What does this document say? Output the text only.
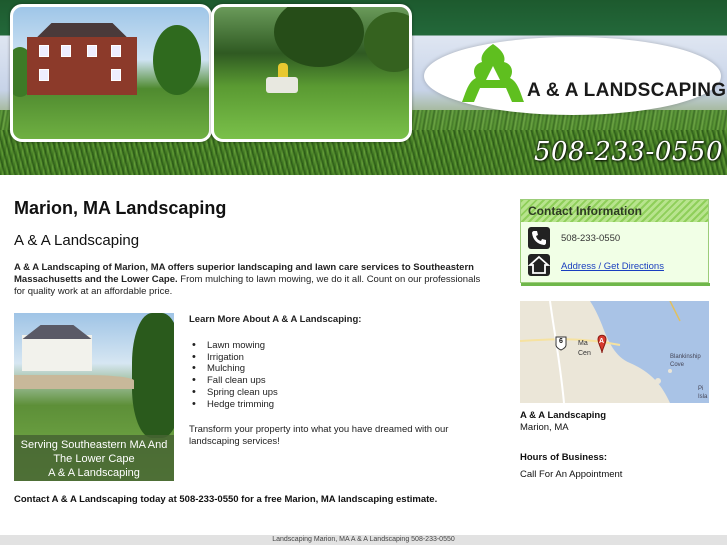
A & A LANDSCAPING
508-233-0550
Marion, MA Landscaping
A & A Landscaping

A & A Landscaping of Marion, MA offers superior landscaping and lawn care services to Southeastern Massachusetts and the Lower Cape. From mulching to lawn mowing, we do it all. Count on our professionals for quality work at an affordable price.

Serving Southeastern MA And
The Lower Cape
A & A Landscaping
Learn More About A & A Landscaping:
• Lawn mowing
• Irrigation
• Mulching
• Fall clean ups
• Spring clean ups
• Hedge trimming

Transform your property into what you have dreamed with our landscaping services!

Contact A & A Landscaping today at 508-233-0550 for a free Marion, MA landscaping estimate.
Contact Information
508-233-0550
Address / Get Directions
6	A
Ma Cen	Blankinship Cove
Pi Isla
A & A Landscaping
Marion, MA
Hours of Business:
Call For An Appointment
Landscaping Marion, MA A & A Landscaping 508-233-0550
